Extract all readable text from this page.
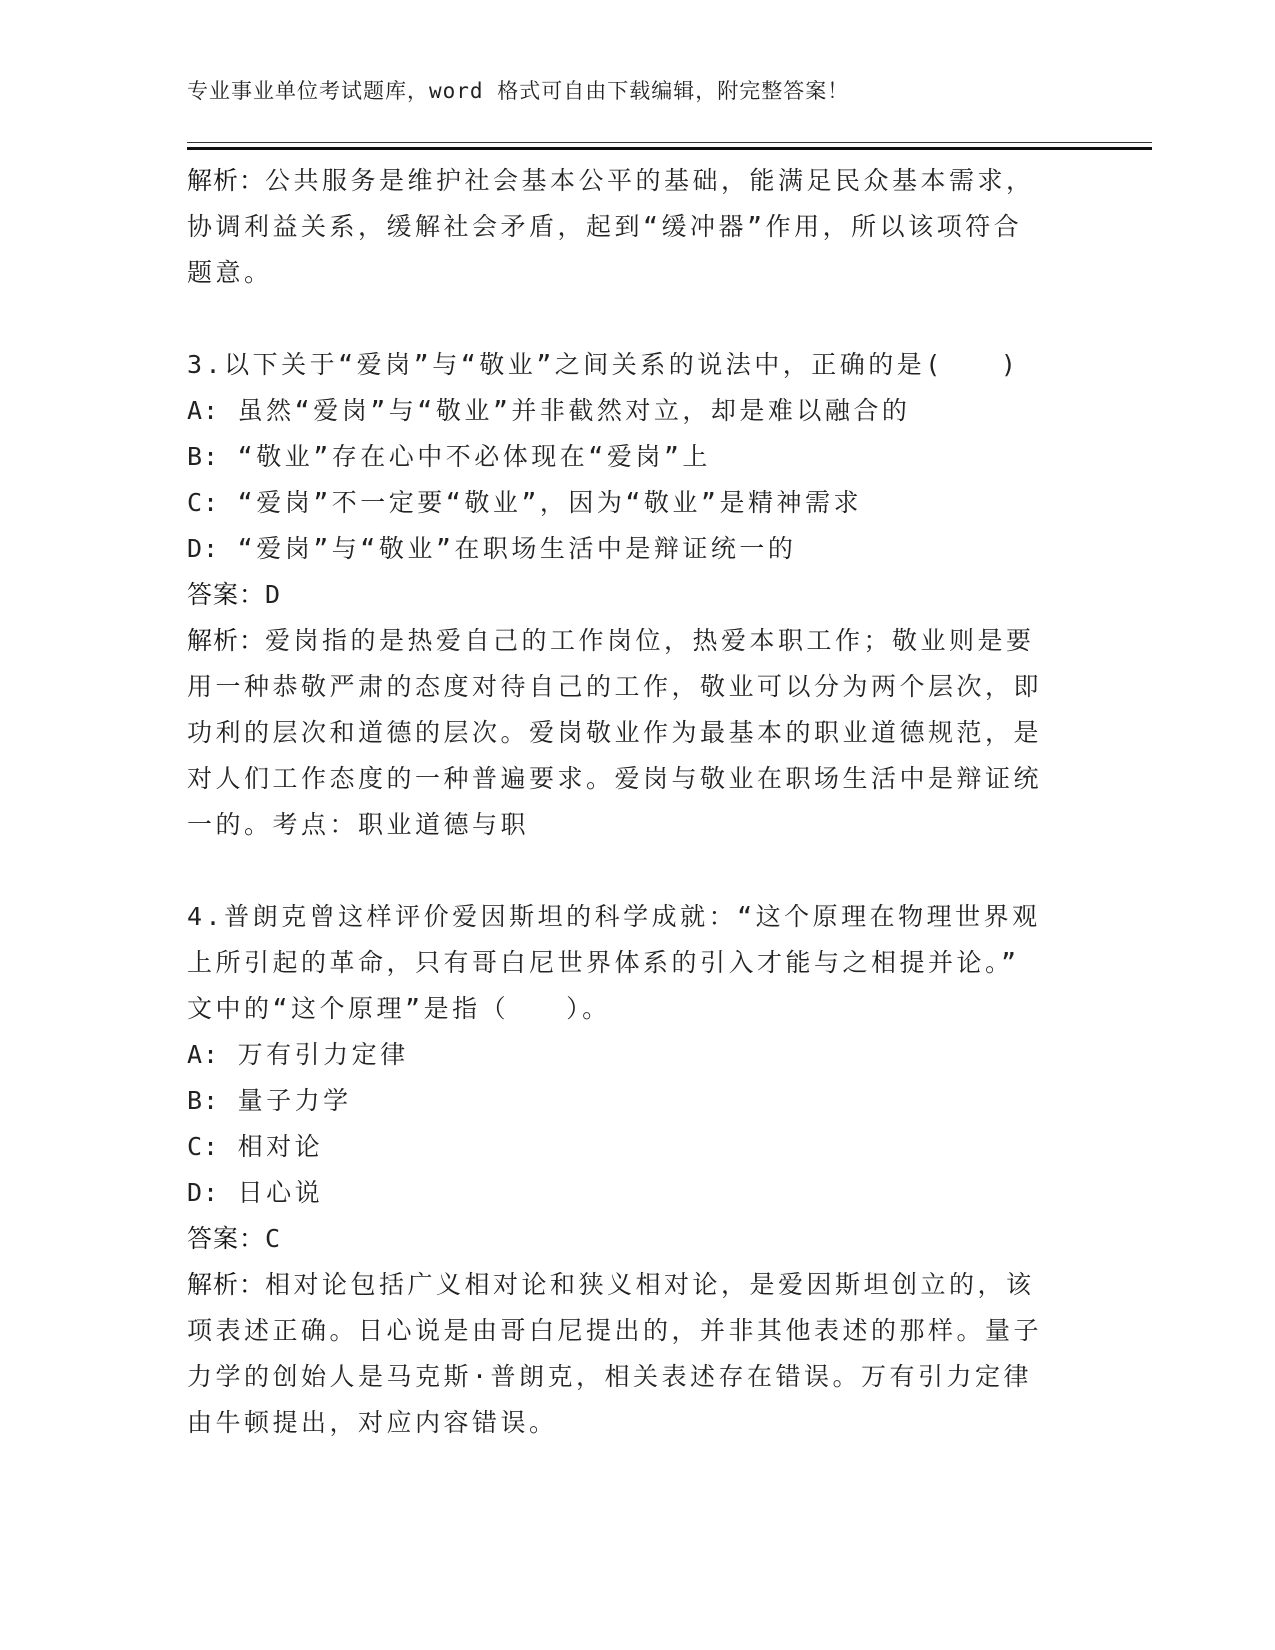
专业事业单位考试题库，word 格式可自由下载编辑，附完整答案！
解析：公共服务是维护社会基本公平的基础，能满足民众基本需求，
协调利益关系，缓解社会矛盾，起到“缓冲器”作用，所以该项符合
题意。
3.以下关于“爱岗”与“敬业”之间关系的说法中，正确的是(　　)
A: 虽然“爱岗”与“敬业”并非截然对立，却是难以融合的
B: “敬业”存在心中不必体现在“爱岗”上
C: “爱岗”不一定要“敬业”，因为“敬业”是精神需求
D: “爱岗”与“敬业”在职场生活中是辩证统一的
答案：D
解析：爱岗指的是热爱自己的工作岗位，热爱本职工作；敬业则是要
用一种恭敬严肃的态度对待自己的工作，敬业可以分为两个层次，即
功利的层次和道德的层次。爱岗敬业作为最基本的职业道德规范，是
对人们工作态度的一种普遍要求。爱岗与敬业在职场生活中是辩证统
一的。考点：职业道德与职
4.普朗克曾这样评价爱因斯坦的科学成就：“这个原理在物理世界观
上所引起的革命，只有哥白尼世界体系的引入才能与之相提并论。”
文中的“这个原理”是指（　　）。
A: 万有引力定律
B: 量子力学
C: 相对论
D: 日心说
答案：C
解析：相对论包括广义相对论和狭义相对论，是爱因斯坦创立的，该
项表述正确。日心说是由哥白尼提出的，并非其他表述的那样。量子
力学的创始人是马克斯·普朗克，相关表述存在错误。万有引力定律
由牛顿提出，对应内容错误。
